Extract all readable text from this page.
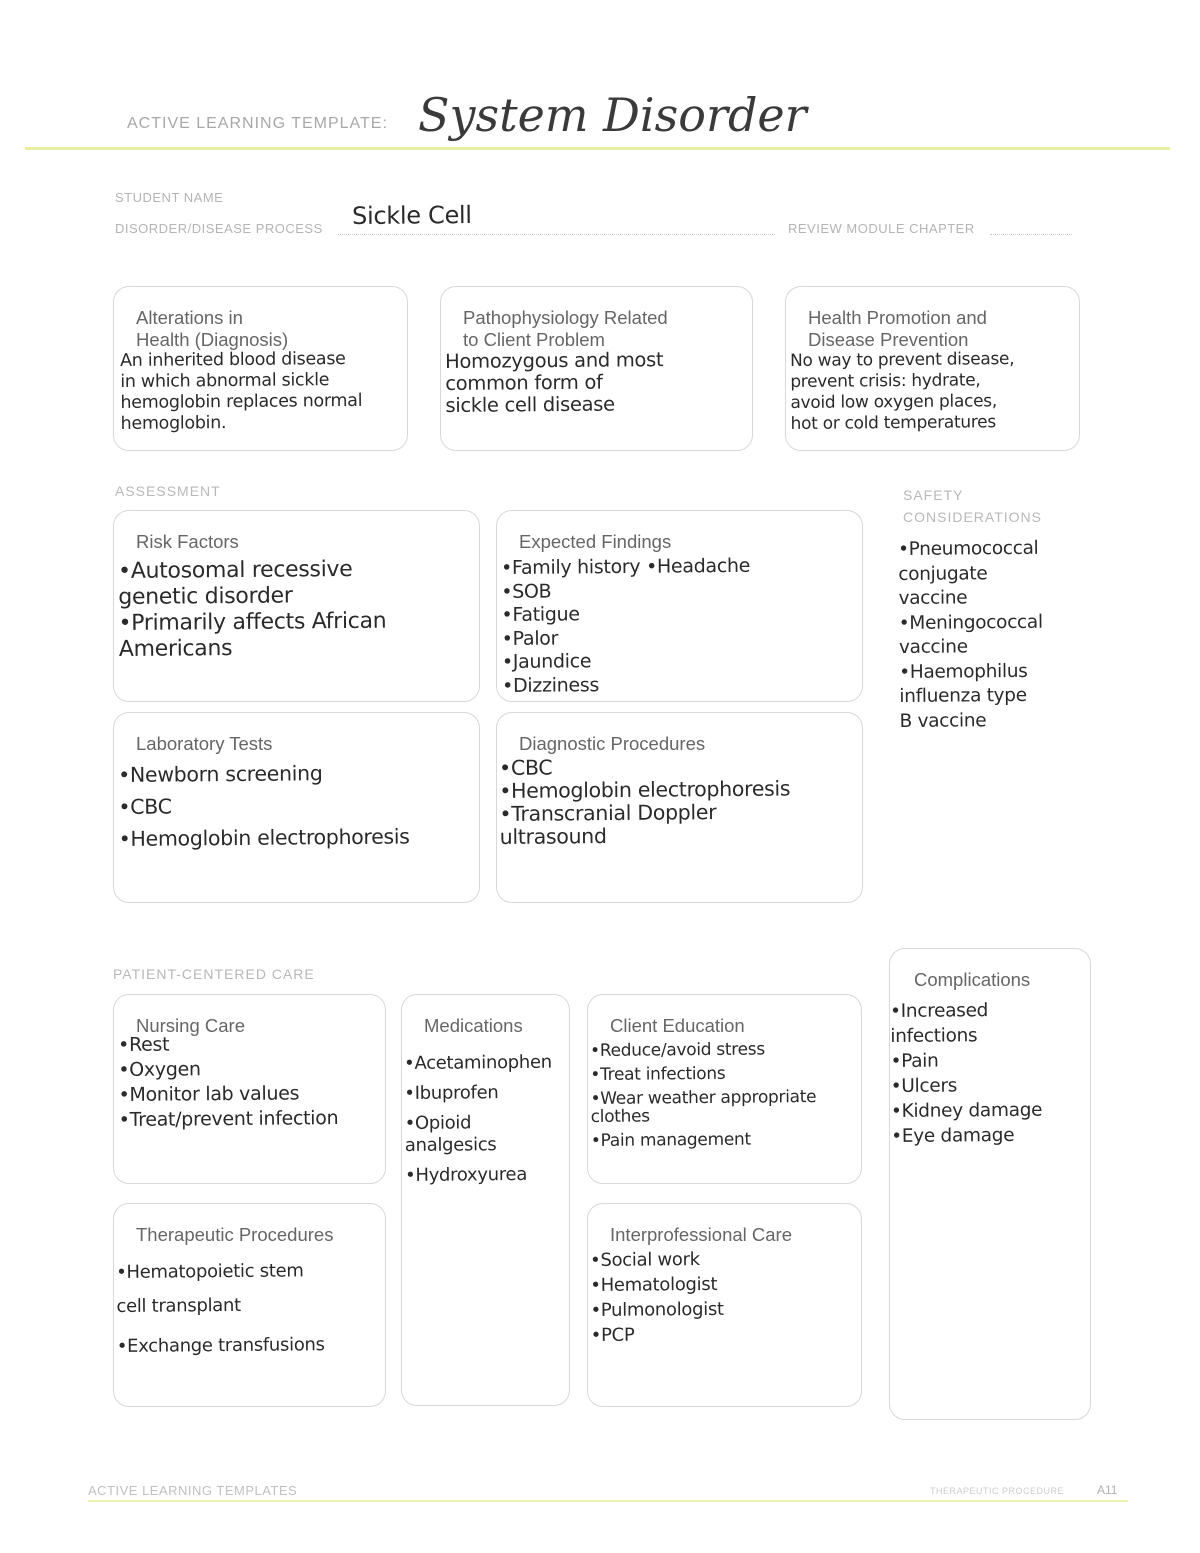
ACTIVE LEARNING TEMPLATE: System Disorder
STUDENT NAME
DISORDER/DISEASE PROCESS Sickle Cell	REVIEW MODULE CHAPTER
Alterations in
Health (Diagnosis)
An inherited blood disease
in which abnormal sickle
hemoglobin replaces normal
hemoglobin.
Pathophysiology Related
to Client Problem
Homozygous and most
common form of
sickle cell disease
Health Promotion and
Disease Prevention
No way to prevent disease,
prevent crisis: hydrate,
avoid low oxygen places,
hot or cold temperatures
ASSESSMENT	SAFETY
CONSIDERATIONS
•Pneumococcal
conjugate
vaccine
•Meningococcal
vaccine
•Haemophilus
influenza type
B vaccine
Risk Factors
•Autosomal recessive
genetic disorder
•Primarily affects African
Americans
Expected Findings
•Family history •Headache
•SOB
•Fatigue
•Palor
•Jaundice
•Dizziness
Laboratory Tests
•Newborn screening
•CBC
•Hemoglobin electrophoresis
Diagnostic Procedures
•CBC
•Hemoglobin electrophoresis
•Transcranial Doppler
ultrasound
PATIENT-CENTERED CARE
Nursing Care
•Rest
•Oxygen
•Monitor lab values
•Treat/prevent infection
Medications
•Acetaminophen
•Ibuprofen
•Opioid
analgesics
•Hydroxyurea
Client Education
•Reduce/avoid stress
•Treat infections
•Wear weather appropriate
clothes
•Pain management
Complications
•Increased
infections
•Pain
•Ulcers
•Kidney damage
•Eye damage
Therapeutic Procedures
•Hematopoietic stem
cell transplant
•Exchange transfusions
Interprofessional Care
•Social work
•Hematologist
•Pulmonologist
•PCP
ACTIVE LEARNING TEMPLATES	THERAPEUTIC PROCEDURE	A11
